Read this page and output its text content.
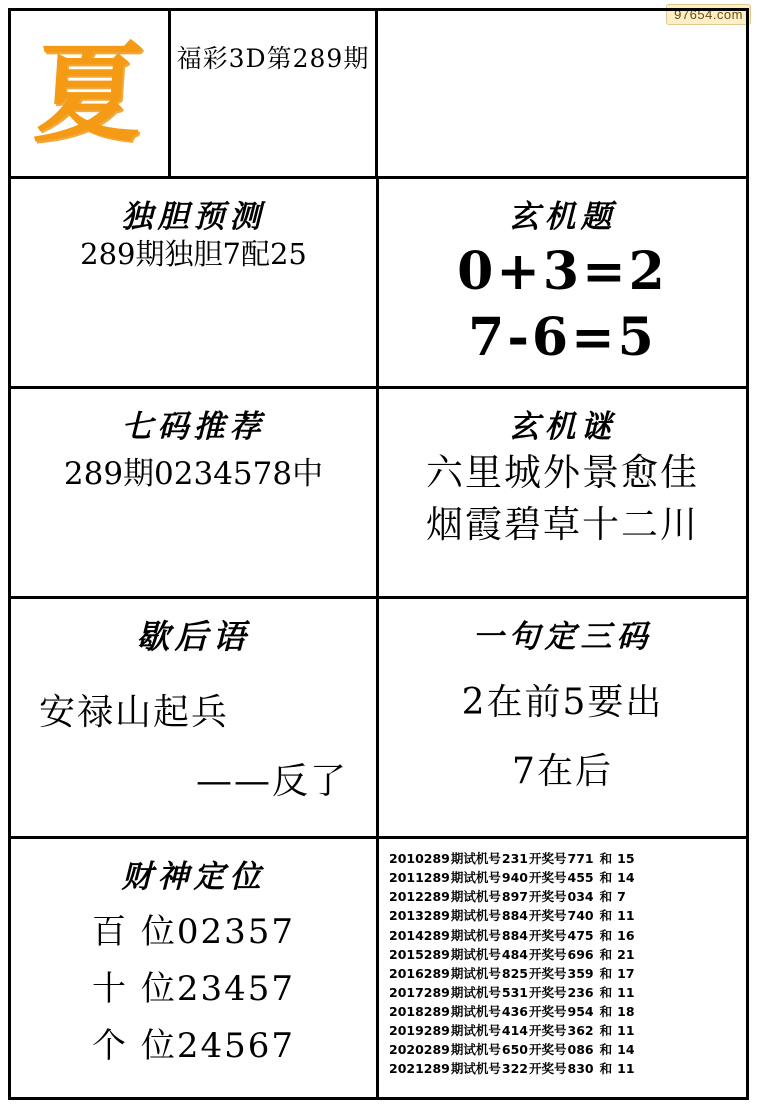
97654.com
夏 福彩3D第289期
独胆预测
289期独胆7配25
玄机题
0+3=2
7-6=5
七码推荐
289期0234578中
玄机谜
六里城外景愈佳
烟霞碧草十二川
歇后语
安禄山起兵
——反了
一句定三码
2在前5要出
7在后
财神定位
百 位02357
十 位23457
个 位24567
2010289 期试机号 231 开奖号 771 和 15
2011289 期试机号 940 开奖号 455 和 14
2012289 期试机号 897 开奖号 034 和 7
2013289 期试机号 884 开奖号 740 和 11
2014289 期试机号 884 开奖号 475 和 16
2015289 期试机号 484 开奖号 696 和 21
2016289 期试机号 825 开奖号 359 和 17
2017289 期试机号 531 开奖号 236 和 11
2018289 期试机号 436 开奖号 954 和 18
2019289 期试机号 414 开奖号 362 和 11
2020289 期试机号 650 开奖号 086 和 14
2021289 期试机号 322 开奖号 830 和 11
